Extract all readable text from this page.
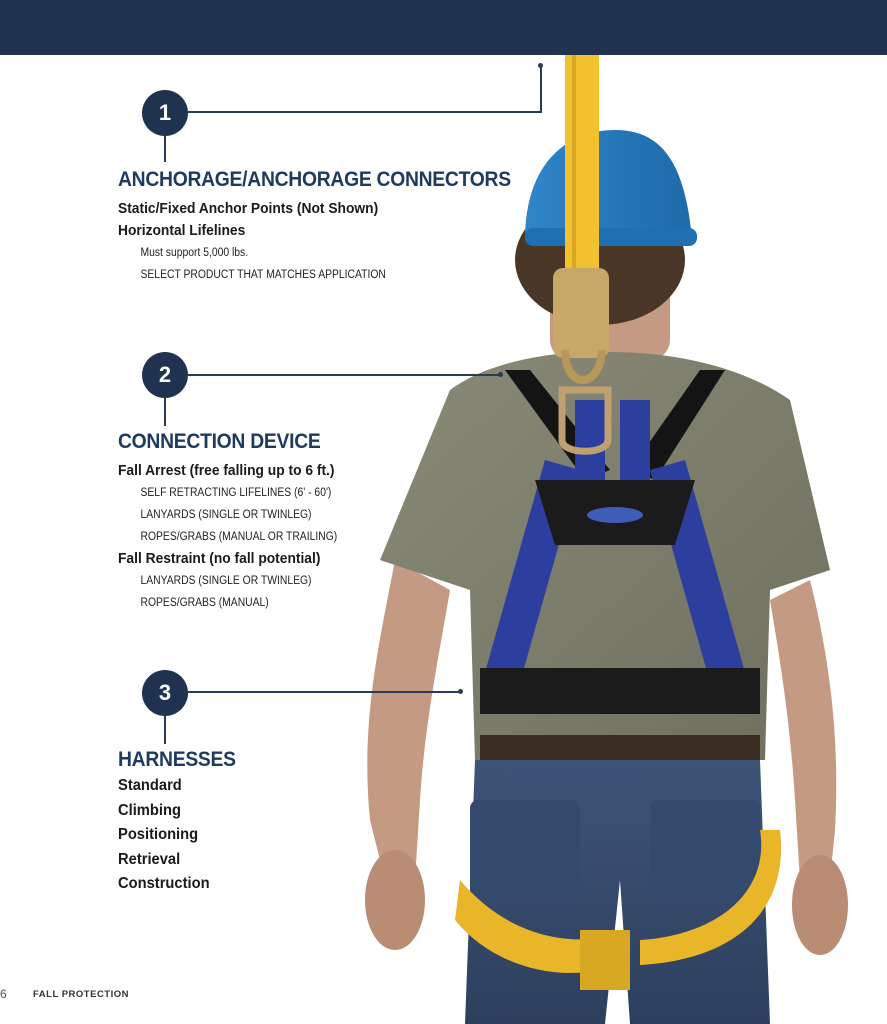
1
ANCHORAGE/ANCHORAGE CONNECTORS
Static/Fixed Anchor Points (Not Shown)
Horizontal Lifelines
Must support 5,000 lbs.
SELECT PRODUCT THAT MATCHES APPLICATION
2
CONNECTION DEVICE
Fall Arrest (free falling up to 6 ft.)
SELF RETRACTING LIFELINES (6' - 60')
LANYARDS (SINGLE OR TWINLEG)
ROPES/GRABS (MANUAL OR TRAILING)
Fall Restraint (no fall potential)
LANYARDS (SINGLE OR TWINLEG)
ROPES/GRABS (MANUAL)
3
HARNESSES
Standard
Climbing
Positioning
Retrieval
Construction
6	FALL PROTECTION
